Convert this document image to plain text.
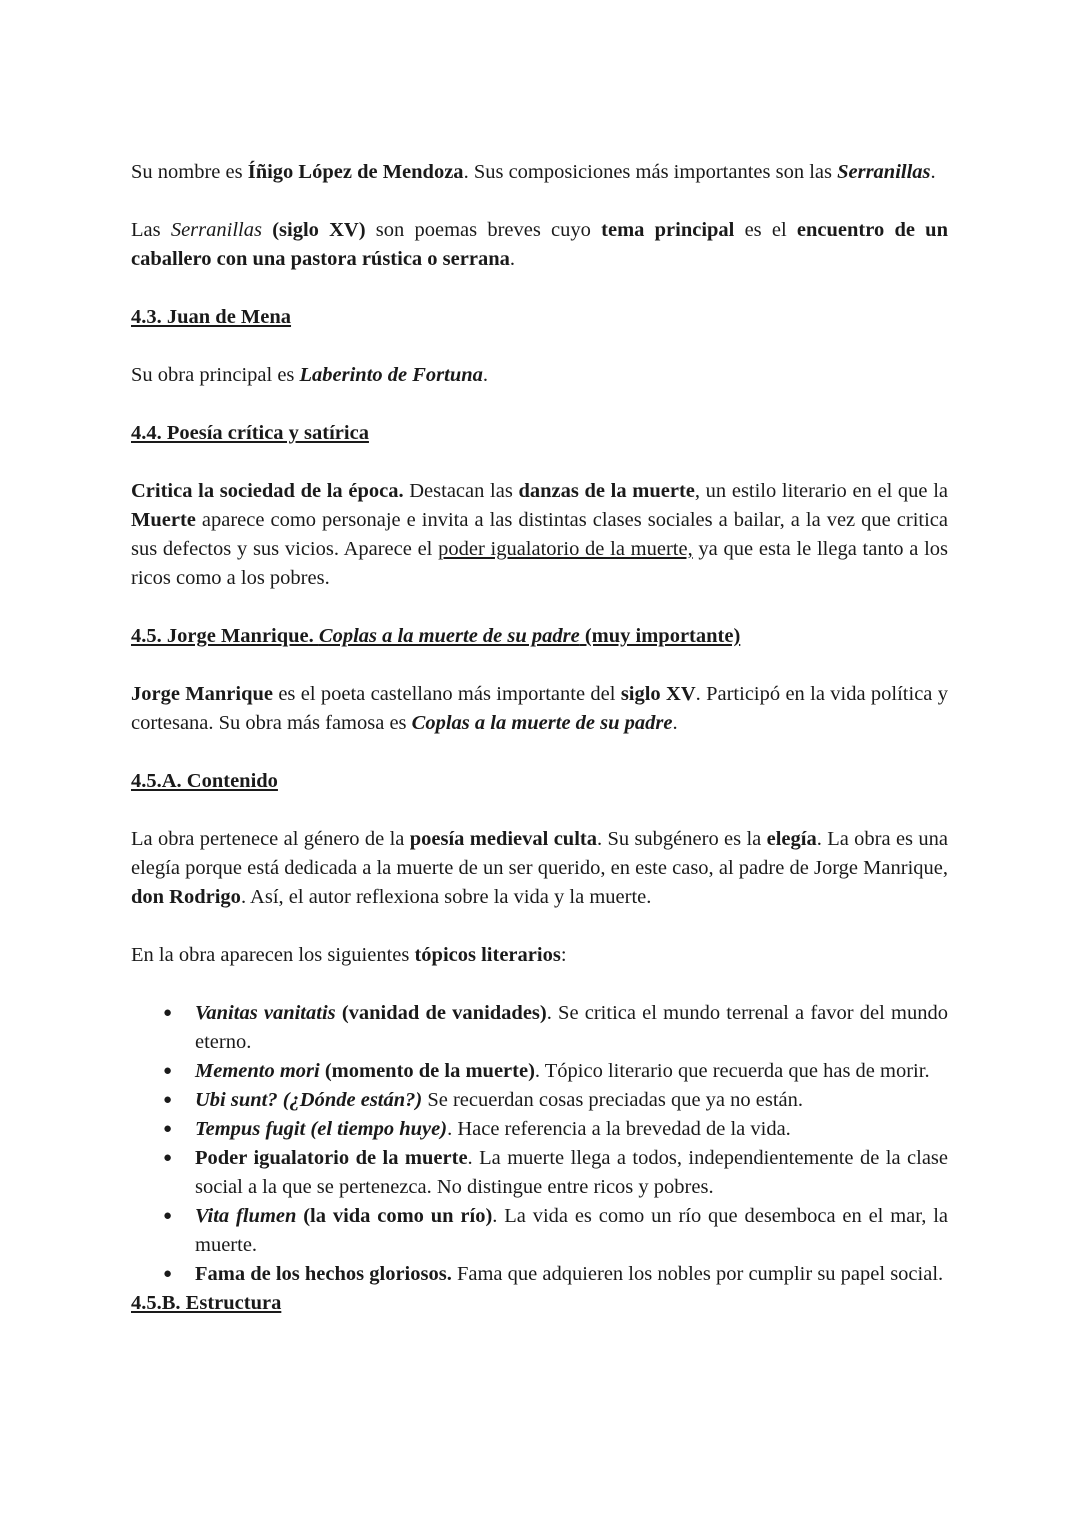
Su nombre es Íñigo López de Mendoza. Sus composiciones más importantes son las Serranillas.

Las Serranillas (siglo XV) son poemas breves cuyo tema principal es el encuentro de un caballero con una pastora rústica o serrana.

4.3. Juan de Mena

Su obra principal es Laberinto de Fortuna.

4.4. Poesía crítica y satírica

Critica la sociedad de la época. Destacan las danzas de la muerte, un estilo literario en el que la Muerte aparece como personaje e invita a las distintas clases sociales a bailar, a la vez que critica sus defectos y sus vicios. Aparece el poder igualatorio de la muerte, ya que esta le llega tanto a los ricos como a los pobres.

4.5. Jorge Manrique. Coplas a la muerte de su padre (muy importante)

Jorge Manrique es el poeta castellano más importante del siglo XV. Participó en la vida política y cortesana. Su obra más famosa es Coplas a la muerte de su padre.

4.5.A. Contenido

La obra pertenece al género de la poesía medieval culta. Su subgénero es la elegía. La obra es una elegía porque está dedicada a la muerte de un ser querido, en este caso, al padre de Jorge Manrique, don Rodrigo. Así, el autor reflexiona sobre la vida y la muerte.

En la obra aparecen los siguientes tópicos literarios:

● Vanitas vanitatis (vanidad de vanidades). Se critica el mundo terrenal a favor del mundo eterno.
● Memento mori (momento de la muerte). Tópico literario que recuerda que has de morir.
● Ubi sunt? (¿Dónde están?) Se recuerdan cosas preciadas que ya no están.
● Tempus fugit (el tiempo huye). Hace referencia a la brevedad de la vida.
● Poder igualatorio de la muerte. La muerte llega a todos, independientemente de la clase social a la que se pertenezca. No distingue entre ricos y pobres.
● Vita flumen (la vida como un río). La vida es como un río que desemboca en el mar, la muerte.
● Fama de los hechos gloriosos. Fama que adquieren los nobles por cumplir su papel social.
4.5.B. Estructura
